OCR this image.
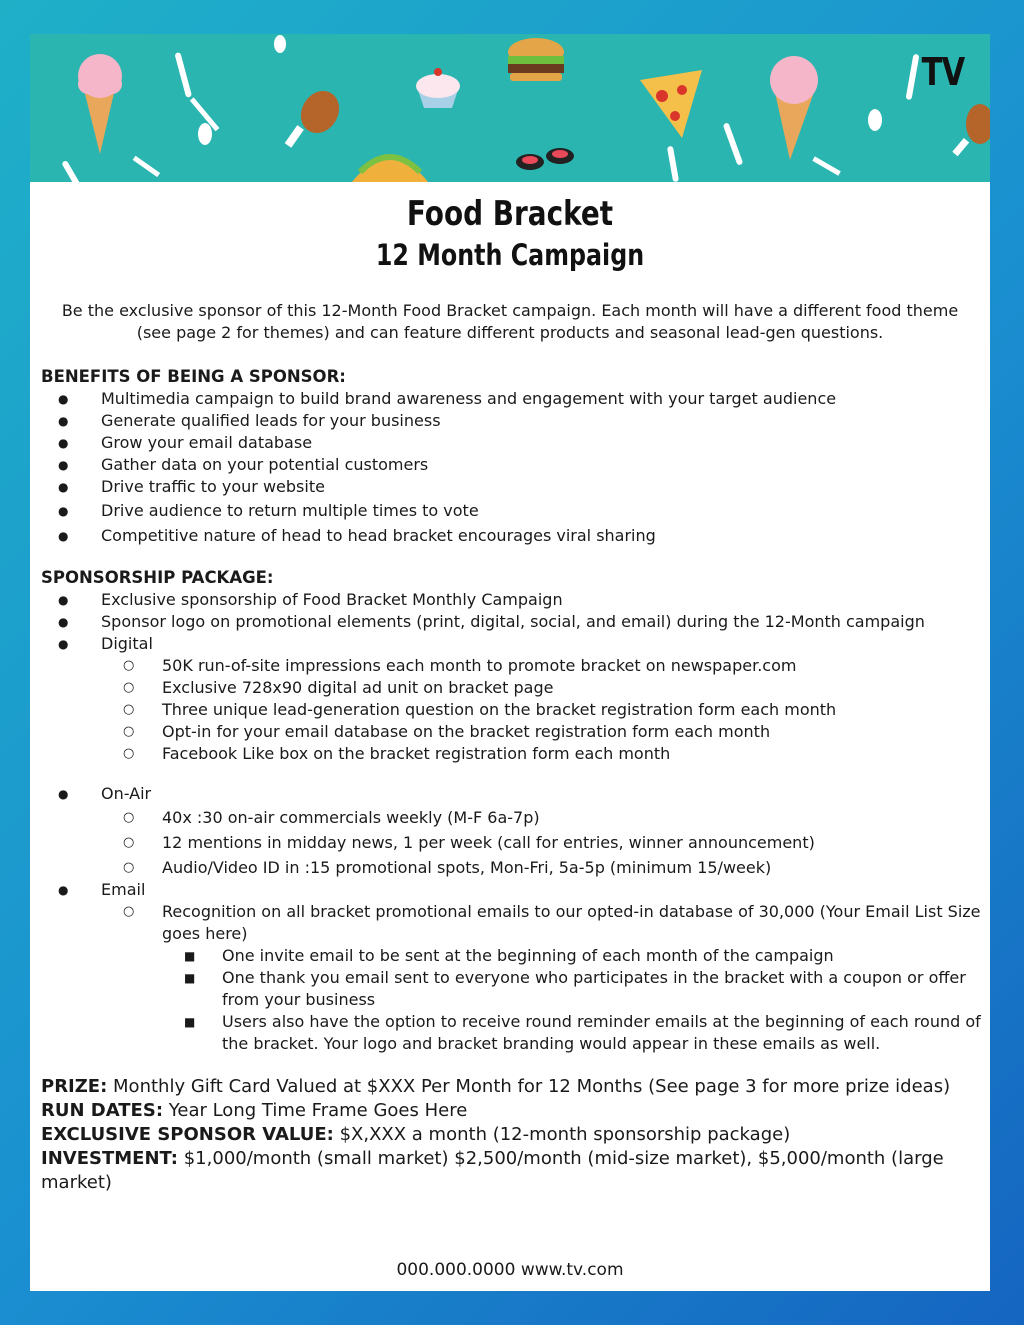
TV
Food Bracket
12 Month Campaign
Be the exclusive sponsor of this 12-Month Food Bracket campaign. Each month will have a different food theme (see page 2 for themes) and can feature different products and seasonal lead-gen questions.
BENEFITS OF BEING A SPONSOR:
● Multimedia campaign to build brand awareness and engagement with your target audience
● Generate qualified leads for your business
● Grow your email database
● Gather data on your potential customers
● Drive traffic to your website
● Drive audience to return multiple times to vote
● Competitive nature of head to head bracket encourages viral sharing
SPONSORSHIP PACKAGE:
● Exclusive sponsorship of Food Bracket Monthly Campaign
● Sponsor logo on promotional elements (print, digital, social, and email) during the 12-Month campaign
● Digital
○ 50K run-of-site impressions each month to promote bracket on newspaper.com
○ Exclusive 728x90 digital ad unit on bracket page
○ Three unique lead-generation question on the bracket registration form each month
○ Opt-in for your email database on the bracket registration form each month
○ Facebook Like box on the bracket registration form each month
● On-Air
○ 40x :30 on-air commercials weekly (M-F 6a-7p)
○ 12 mentions in midday news, 1 per week (call for entries, winner announcement)
○ Audio/Video ID in :15 promotional spots, Mon-Fri, 5a-5p (minimum 15/week)
● Email
○ Recognition on all bracket promotional emails to our opted-in database of 30,000 (Your Email List Size goes here)
■ One invite email to be sent at the beginning of each month of the campaign
■ One thank you email sent to everyone who participates in the bracket with a coupon or offer from your business
■ Users also have the option to receive round reminder emails at the beginning of each round of the bracket. Your logo and bracket branding would appear in these emails as well.
PRIZE: Monthly Gift Card Valued at $XXX Per Month for 12 Months (See page 3 for more prize ideas)
RUN DATES: Year Long Time Frame Goes Here
EXCLUSIVE SPONSOR VALUE: $X,XXX a month (12-month sponsorship package)
INVESTMENT: $1,000/month (small market) $2,500/month (mid-size market), $5,000/month (large market)
000.000.0000 www.tv.com
